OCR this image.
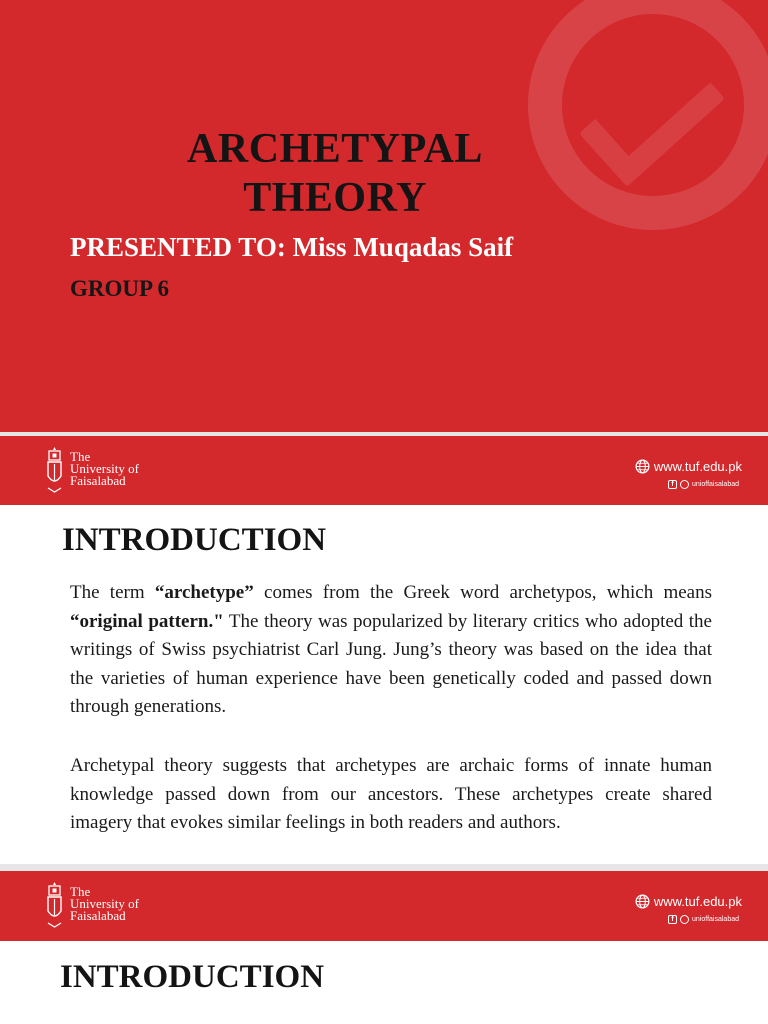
ARCHETYPAL
THEORY
PRESENTED TO: Miss Muqadas Saif
GROUP 6
The
University of
Faisalabad
www.tuf.edu.pk
f	unioffaisalabad
INTRODUCTION

The term “archetype” comes from the Greek word archetypos, which means “original pattern." The theory was popularized by literary critics who adopted the writings of Swiss psychiatrist Carl Jung. Jung’s theory was based on the idea that the varieties of human experience have been genetically coded and passed down through generations.

Archetypal theory suggests that archetypes are archaic forms of innate human knowledge passed down from our ancestors. These archetypes create shared imagery that evokes similar feelings in both readers and authors.

The
University of
Faisalabad
www.tuf.edu.pk
f	unioffaisalabad
INTRODUCTION
